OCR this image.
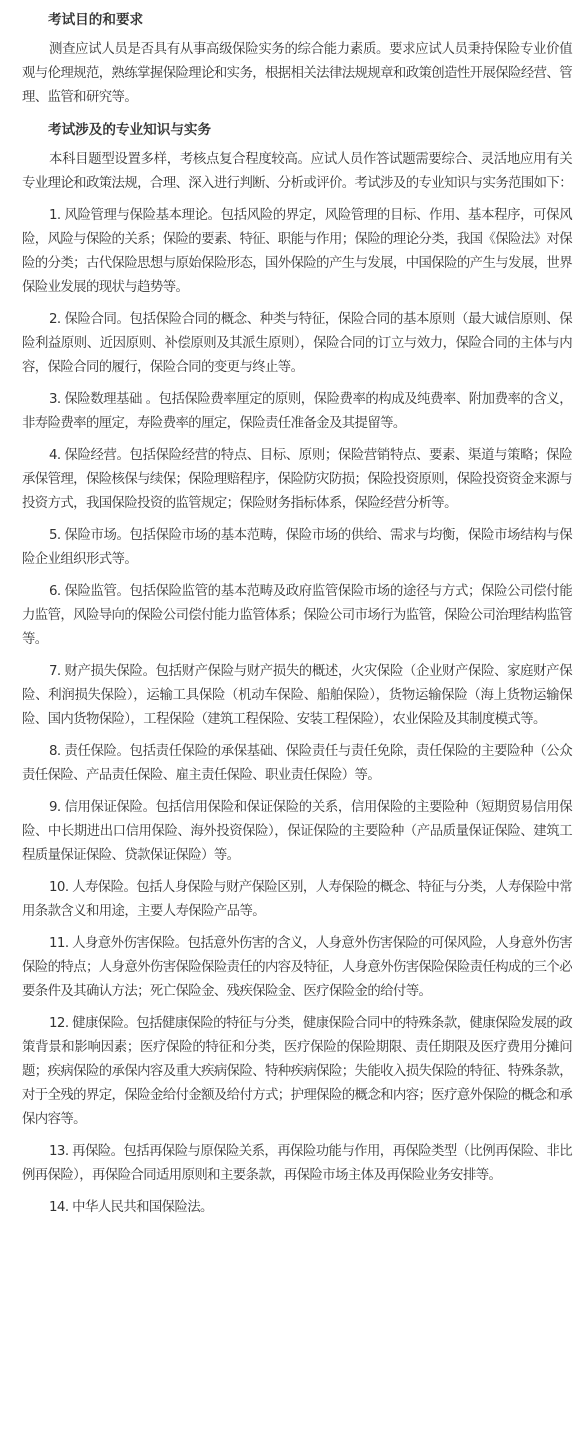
考试目的和要求

测查应试人员是否具有从事高级保险实务的综合能力素质。要求应试人员秉持保险专业价值观与伦理规范，熟练掌握保险理论和实务，根据相关法律法规规章和政策创造性开展保险经营、管理、监管和研究等。

考试涉及的专业知识与实务

本科目题型设置多样，考核点复合程度较高。应试人员作答试题需要综合、灵活地应用有关专业理论和政策法规，合理、深入进行判断、分析或评价。考试涉及的专业知识与实务范围如下：

1. 风险管理与保险基本理论。包括风险的界定，风险管理的目标、作用、基本程序，可保风险，风险与保险的关系；保险的要素、特征、职能与作用；保险的理论分类，我国《保险法》对保险的分类；古代保险思想与原始保险形态，国外保险的产生与发展，中国保险的产生与发展，世界保险业发展的现状与趋势等。

2. 保险合同。包括保险合同的概念、种类与特征，保险合同的基本原则（最大诚信原则、保险利益原则、近因原则、补偿原则及其派生原则），保险合同的订立与效力，保险合同的主体与内容，保险合同的履行，保险合同的变更与终止等。

3. 保险数理基础 。包括保险费率厘定的原则，保险费率的构成及纯费率、附加费率的含义，非寿险费率的厘定，寿险费率的厘定，保险责任准备金及其提留等。

4. 保险经营。包括保险经营的特点、目标、原则；保险营销特点、要素、渠道与策略；保险承保管理，保险核保与续保；保险理赔程序，保险防灾防损；保险投资原则，保险投资资金来源与投资方式，我国保险投资的监管规定；保险财务指标体系，保险经营分析等。

5. 保险市场。包括保险市场的基本范畴，保险市场的供给、需求与均衡，保险市场结构与保险企业组织形式等。

6. 保险监管。包括保险监管的基本范畴及政府监管保险市场的途径与方式；保险公司偿付能力监管，风险导向的保险公司偿付能力监管体系；保险公司市场行为监管，保险公司治理结构监管等。

7. 财产损失保险。包括财产保险与财产损失的概述，火灾保险（企业财产保险、家庭财产保险、利润损失保险），运输工具保险（机动车保险、船舶保险），货物运输保险（海上货物运输保险、国内货物保险），工程保险（建筑工程保险、安装工程保险），农业保险及其制度模式等。

8. 责任保险。包括责任保险的承保基础、保险责任与责任免除，责任保险的主要险种（公众责任保险、产品责任保险、雇主责任保险、职业责任保险）等。

9. 信用保证保险。包括信用保险和保证保险的关系，信用保险的主要险种（短期贸易信用保险、中长期进出口信用保险、海外投资保险），保证保险的主要险种（产品质量保证保险、建筑工程质量保证保险、贷款保证保险）等。

10. 人寿保险。包括人身保险与财产保险区别，人寿保险的概念、特征与分类，人寿保险中常用条款含义和用途，主要人寿保险产品等。

11. 人身意外伤害保险。包括意外伤害的含义，人身意外伤害保险的可保风险，人身意外伤害保险的特点；人身意外伤害保险保险责任的内容及特征，人身意外伤害保险保险责任构成的三个必要条件及其确认方法；死亡保险金、残疾保险金、医疗保险金的给付等。

12. 健康保险。包括健康保险的特征与分类，健康保险合同中的特殊条款，健康保险发展的政策背景和影响因素；医疗保险的特征和分类，医疗保险的保险期限、责任期限及医疗费用分摊问题；疾病保险的承保内容及重大疾病保险、特种疾病保险；失能收入损失保险的特征、特殊条款，对于全残的界定，保险金给付金额及给付方式；护理保险的概念和内容；医疗意外保险的概念和承保内容等。

13. 再保险。包括再保险与原保险关系，再保险功能与作用，再保险类型（比例再保险、非比例再保险），再保险合同适用原则和主要条款，再保险市场主体及再保险业务安排等。

14. 中华人民共和国保险法。
